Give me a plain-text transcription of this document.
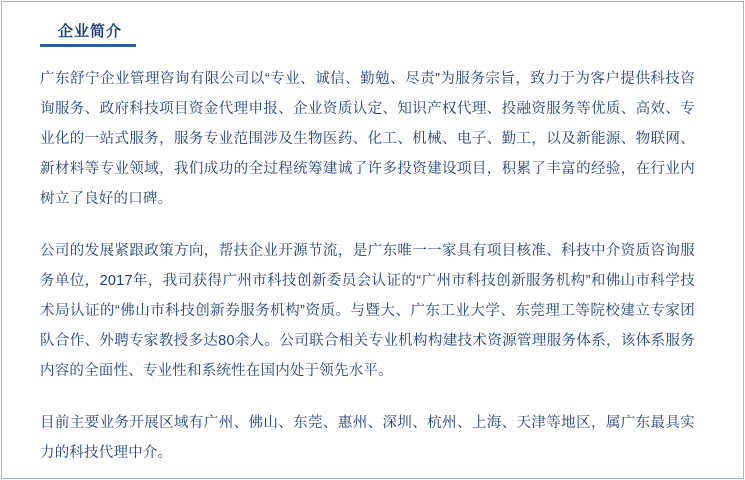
企业简介

广东舒宁企业管理咨询有限公司以“专业、诚信、勤勉、尽责”为服务宗旨，致力于为客户提供科技咨询服务、政府科技项目资金代理申报、企业资质认定、知识产权代理、投融资服务等优质、高效、专业化的一站式服务，服务专业范围涉及生物医药、化工、机械、电子、勤工，以及新能源、物联网、新材料等专业领域，我们成功的全过程统筹建诚了许多投资建设项目，积累了丰富的经验，在行业内树立了良好的口碑。

公司的发展紧跟政策方向，帮扶企业开源节流，是广东唯一一家具有项目核准、科技中介资质咨询服务单位，2017年，我司获得广州市科技创新委员会认证的“广州市科技创新服务机构”和佛山市科学技术局认证的“佛山市科技创新券服务机构”资质。与暨大、广东工业大学、东莞理工等院校建立专家团队合作、外聘专家教授多达80余人。公司联合相关专业机构构建技术资源管理服务体系，该体系服务内容的全面性、专业性和系统性在国内处于领先水平。

目前主要业务开展区域有广州、佛山、东莞、惠州、深圳、杭州、上海、天津等地区，属广东最具实力的科技代理中介。
